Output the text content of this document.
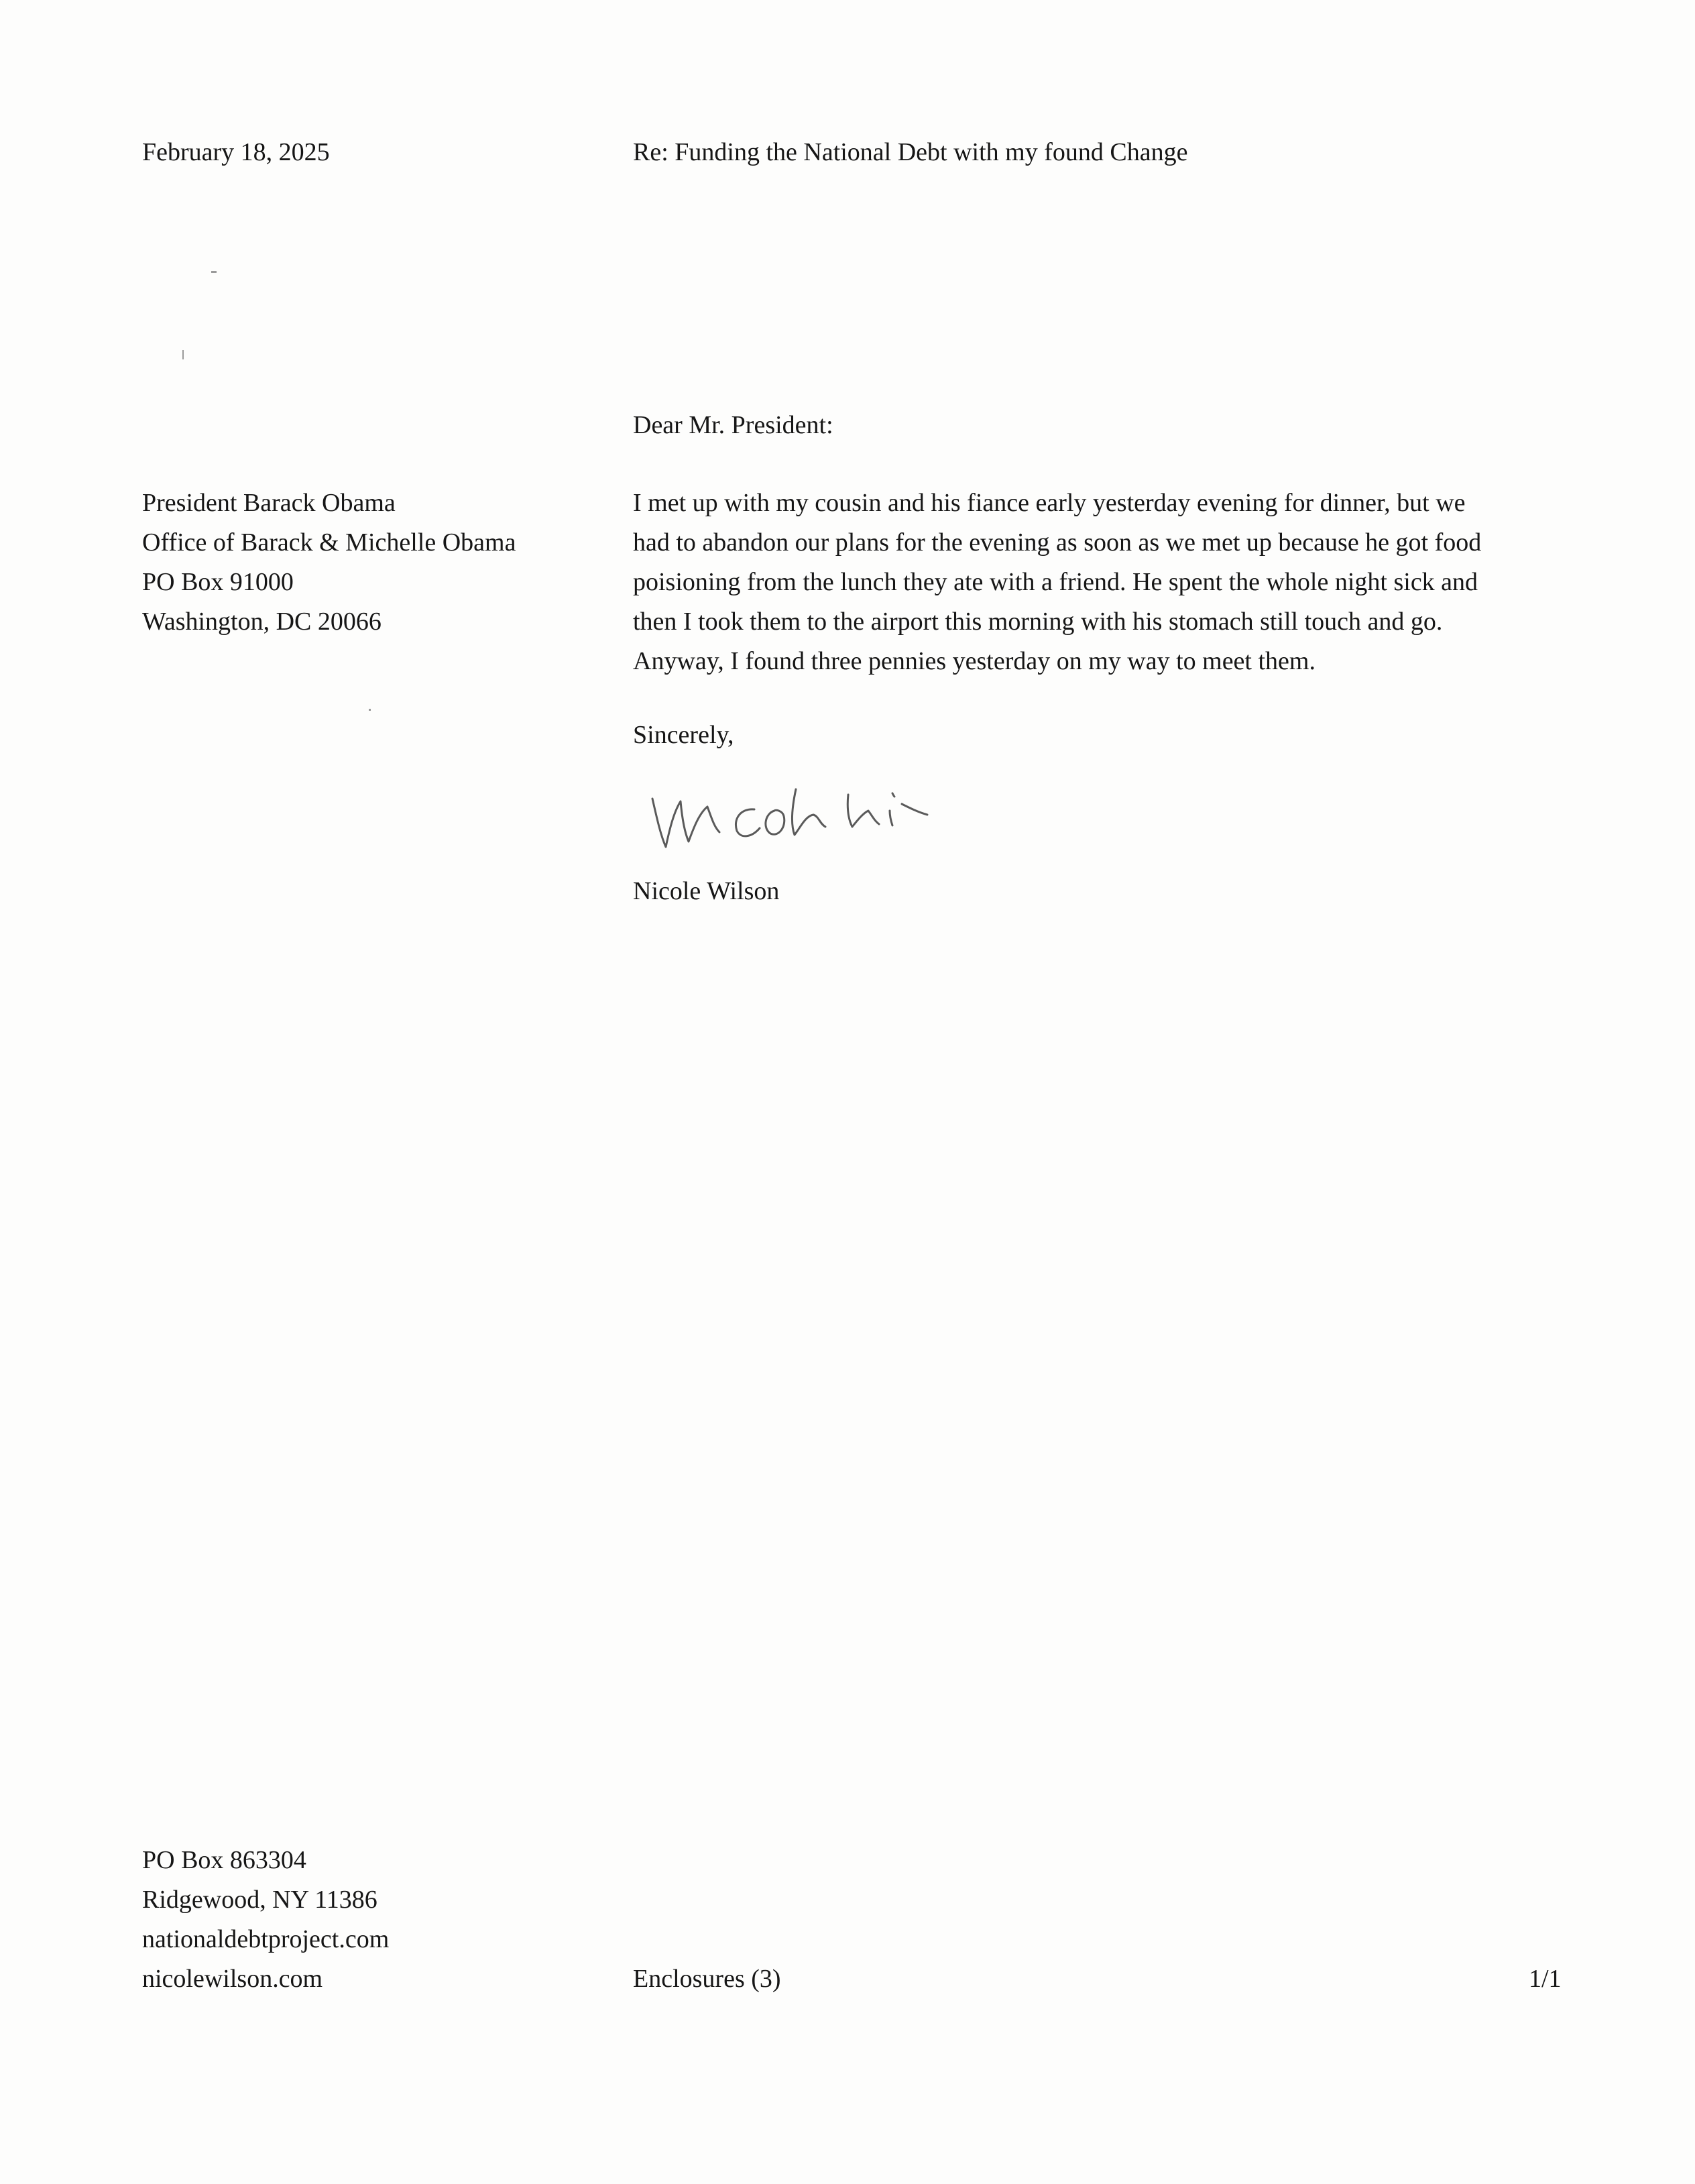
February 18, 2025	Re: Funding the National Debt with my found Change
Dear Mr. President:
President Barack Obama
Office of Barack & Michelle Obama
PO Box 91000
Washington, DC 20066
I met up with my cousin and his fiance early yesterday evening for dinner, but we
had to abandon our plans for the evening as soon as we met up because he got food
poisioning from the lunch they ate with a friend. He spent the whole night sick and
then I took them to the airport this morning with his stomach still touch and go.
Anyway, I found three pennies yesterday on my way to meet them.
Sincerely,
Nicole Wilson
PO Box 863304
Ridgewood, NY 11386
nationaldebtproject.com
nicolewilson.com	Enclosures (3)	1/1
